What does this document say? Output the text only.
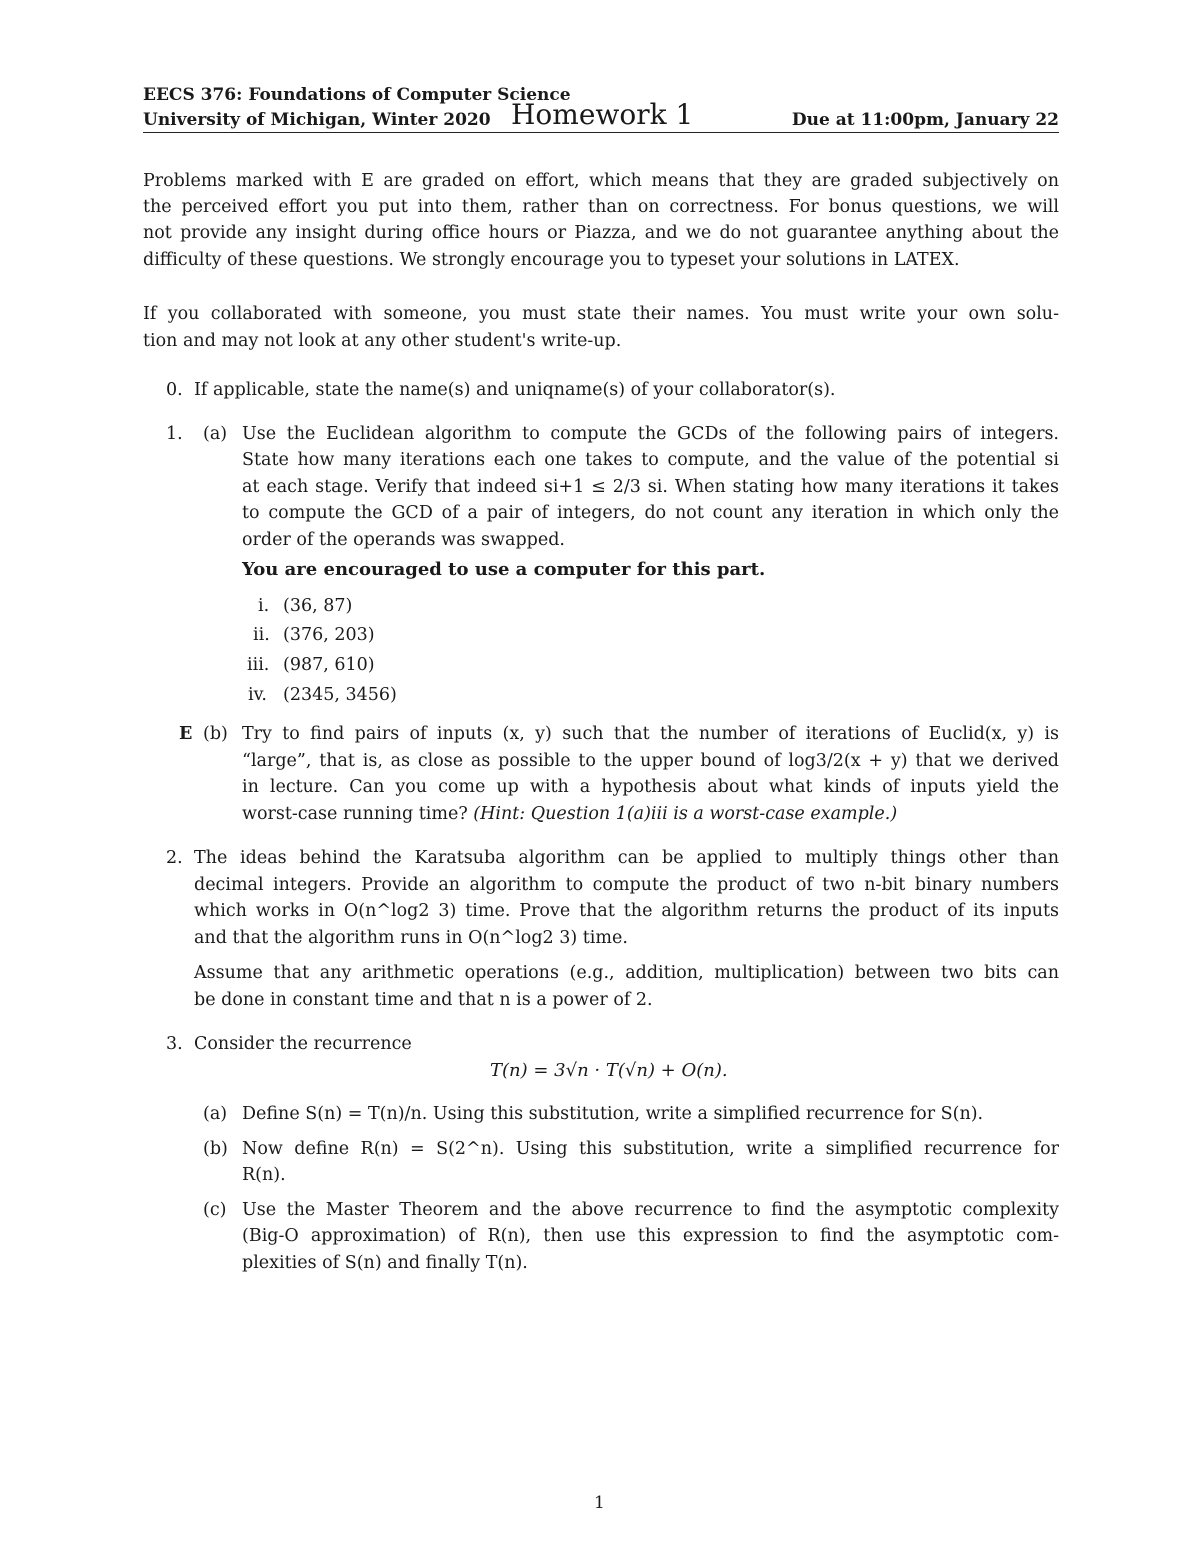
EECS 376: Foundations of Computer Science
University of Michigan, Winter 2020 Homework 1	Due at 11:00pm, January 22
Problems marked with E are graded on effort, which means that they are graded subjectively on
the perceived effort you put into them, rather than on correctness. For bonus questions, we will
not provide any insight during office hours or Piazza, and we do not guarantee anything about the
difficulty of these questions. We strongly encourage you to typeset your solutions in LATEX.
If you collaborated with someone, you must state their names. You must write your own solu-
tion and may not look at any other student's write-up.
0. If applicable, state the name(s) and uniqname(s) of your collaborator(s).
1. (a) Use the Euclidean algorithm to compute the GCDs of the following pairs of integers.
State how many iterations each one takes to compute, and the value of the potential si
at each stage. Verify that indeed si+1 ≤ 2/3 si. When stating how many iterations it takes
to compute the GCD of a pair of integers, do not count any iteration in which only the
order of the operands was swapped.
You are encouraged to use a computer for this part.
i. (36, 87)
ii. (376, 203)
iii. (987, 610)
iv. (2345, 3456)
E (b) Try to find pairs of inputs (x, y) such that the number of iterations of Euclid(x, y) is
“large”, that is, as close as possible to the upper bound of log3/2(x + y) that we derived
in lecture. Can you come up with a hypothesis about what kinds of inputs yield the
worst-case running time? (Hint: Question 1(a)iii is a worst-case example.)
2. The ideas behind the Karatsuba algorithm can be applied to multiply things other than
decimal integers. Provide an algorithm to compute the product of two n-bit binary numbers
which works in O(n^log2 3) time. Prove that the algorithm returns the product of its inputs
and that the algorithm runs in O(n^log2 3) time.
Assume that any arithmetic operations (e.g., addition, multiplication) between two bits can
be done in constant time and that n is a power of 2.
3. Consider the recurrence
T(n) = 3√n · T(√n) + O(n).
(a) Define S(n) = T(n)/n. Using this substitution, write a simplified recurrence for S(n).
(b) Now define R(n) = S(2^n). Using this substitution, write a simplified recurrence for
R(n).
(c) Use the Master Theorem and the above recurrence to find the asymptotic complexity
(Big-O approximation) of R(n), then use this expression to find the asymptotic com-
plexities of S(n) and finally T(n).
1
